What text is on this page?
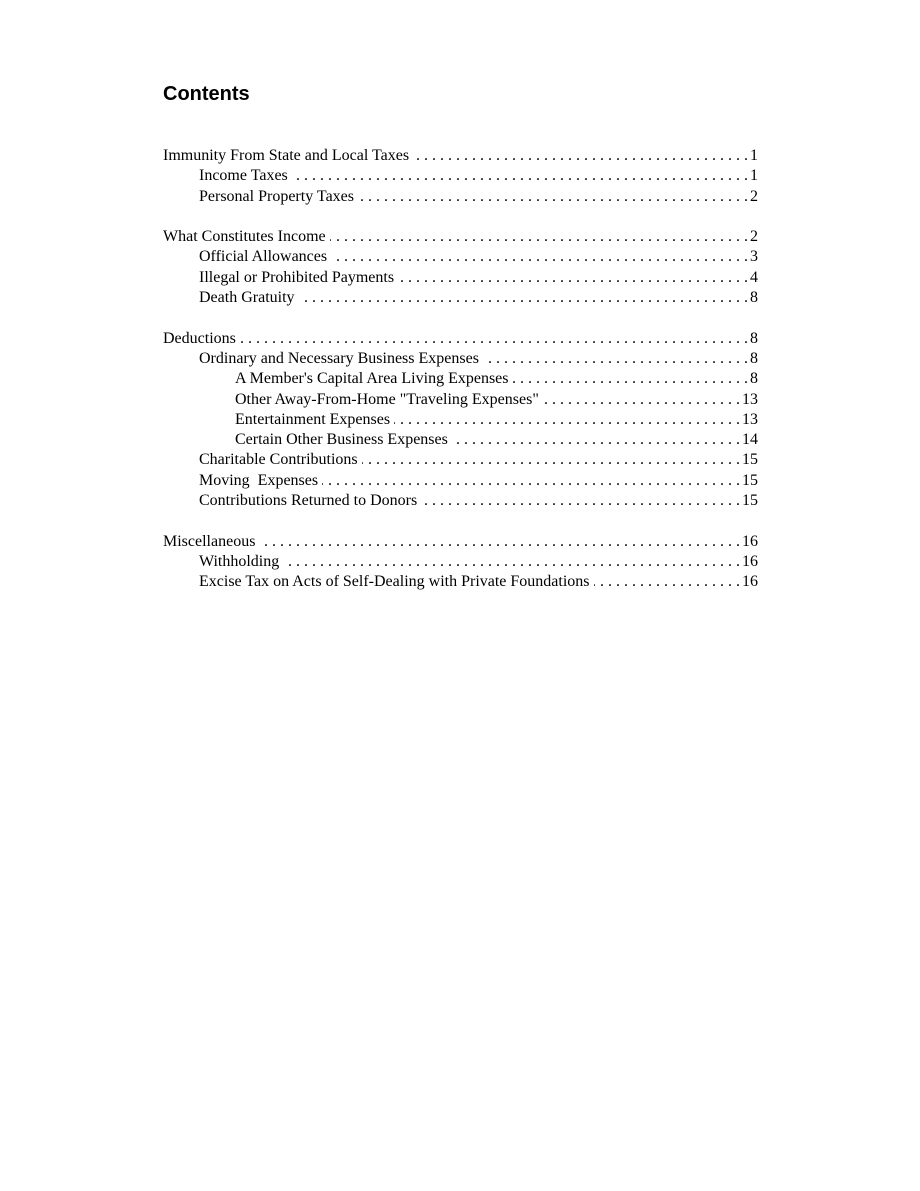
Contents
Immunity From State and Local Taxes . . .	1
Income Taxes . . .	1
Personal Property Taxes . . .	2
What Constitutes Income . . .	2
Official Allowances . . .	3
Illegal or Prohibited Payments . . .	4
Death Gratuity . . .	8
Deductions . . .	8
Ordinary and Necessary Business Expenses . . .	8
A Member's Capital Area Living Expenses . . .	8
Other Away-From-Home "Traveling Expenses" . . .	13
Entertainment Expenses . . .	13
Certain Other Business Expenses . . .	14
Charitable Contributions . . .	15
Moving  Expenses . . .	15
Contributions Returned to Donors . . .	15
Miscellaneous . . .	16
Withholding . . .	16
Excise Tax on Acts of Self-Dealing with Private Foundations . . .	16
